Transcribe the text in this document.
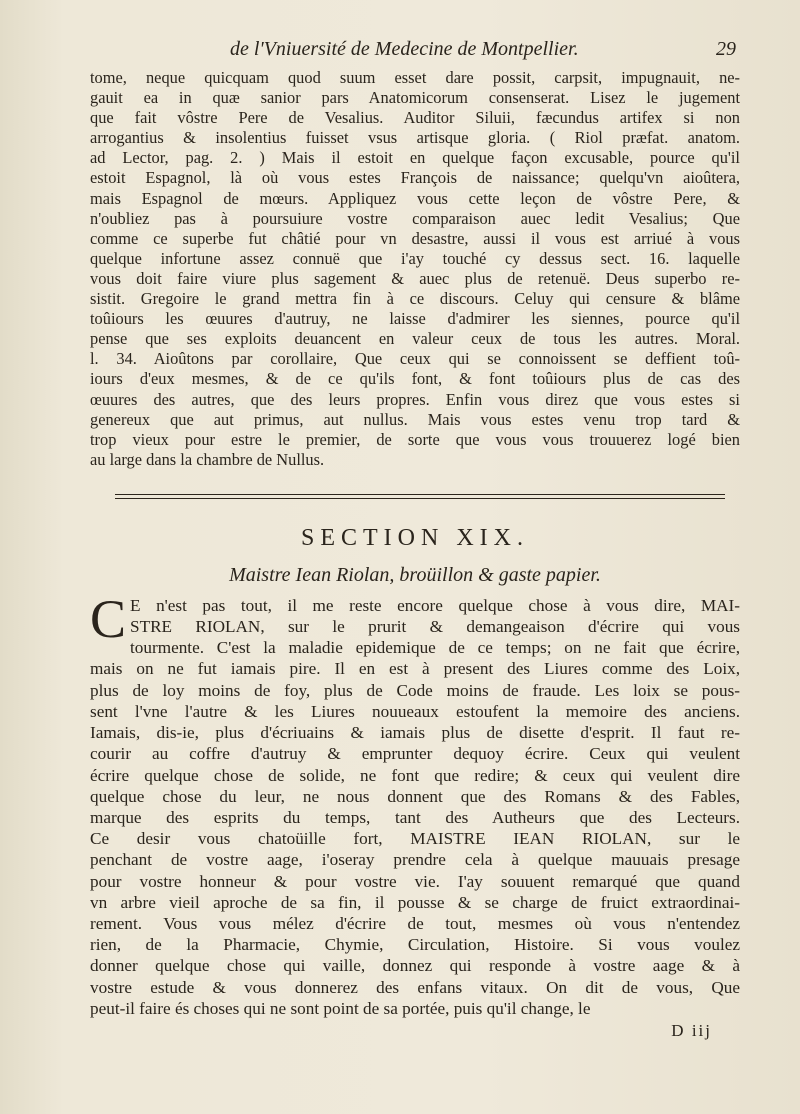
de l'Vniuersité de Medecine de Montpellier.	29
tome, neque quicquam quod suum esset dare possit, carpsit, impugnauit, ne-
gauit ea in quæ sanior pars Anatomicorum consenserat. Lisez le jugement
que fait vôstre Pere de Vesalius. Auditor Siluii, fæcundus artifex si non
arrogantius & insolentius fuisset vsus artisque gloria. ( Riol præfat. anatom.
ad Lector, pag. 2. ) Mais il estoit en quelque façon excusable, pource qu'il
estoit Espagnol, là où vous estes François de naissance; quelqu'vn aioûtera,
mais Espagnol de mœurs. Appliquez vous cette leçon de vôstre Pere, &
n'oubliez pas à poursuiure vostre comparaison auec ledit Vesalius; Que
comme ce superbe fut châtié pour vn desastre, aussi il vous est arriué à vous
quelque infortune assez connuë que i'ay touché cy dessus sect. 16. laquelle
vous doit faire viure plus sagement & auec plus de retenuë. Deus superbo re-
sistit. Gregoire le grand mettra fin à ce discours. Celuy qui censure & blâme
toûiours les œuures d'autruy, ne laisse d'admirer les siennes, pource qu'il
pense que ses exploits deuancent en valeur ceux de tous les autres. Moral.
l. 34. Aioûtons par corollaire, Que ceux qui se connoissent se deffient toû-
iours d'eux mesmes, & de ce qu'ils font, & font toûiours plus de cas des
œuures des autres, que des leurs propres. Enfin vous direz que vous estes si
genereux que aut primus, aut nullus. Mais vous estes venu trop tard &
trop vieux pour estre le premier, de sorte que vous vous trouuerez logé bien
au large dans la chambre de Nullus.
SECTION XIX.
Maistre Iean Riolan, broüillon & gaste papier.
C E n'est pas tout, il me reste encore quelque chose à vous dire, MAI-
STRE RIOLAN, sur le prurit & demangeaison d'écrire qui vous
tourmente. C'est la maladie epidemique de ce temps; on ne fait que écrire,
mais on ne fut iamais pire. Il en est à present des Liures comme des Loix,
plus de loy moins de foy, plus de Code moins de fraude. Les loix se pous-
sent l'vne l'autre & les Liures nouueaux estoufent la memoire des anciens.
Iamais, dis-ie, plus d'écriuains & iamais plus de disette d'esprit. Il faut re-
courir au coffre d'autruy & emprunter dequoy écrire. Ceux qui veulent
écrire quelque chose de solide, ne font que redire; & ceux qui veulent dire
quelque chose du leur, ne nous donnent que des Romans & des Fables,
marque des esprits du temps, tant des Autheurs que des Lecteurs.
Ce desir vous chatoüille fort, MAISTRE IEAN RIOLAN, sur le
penchant de vostre aage, i'oseray prendre cela à quelque mauuais presage
pour vostre honneur & pour vostre vie. I'ay souuent remarqué que quand
vn arbre vieil aproche de sa fin, il pousse & se charge de fruict extraordinai-
rement. Vous vous mélez d'écrire de tout, mesmes où vous n'entendez
rien, de la Pharmacie, Chymie, Circulation, Histoire. Si vous voulez
donner quelque chose qui vaille, donnez qui responde à vostre aage & à
vostre estude & vous donnerez des enfans vitaux. On dit de vous, Que
peut-il faire és choses qui ne sont point de sa portée, puis qu'il change, le
D iij
